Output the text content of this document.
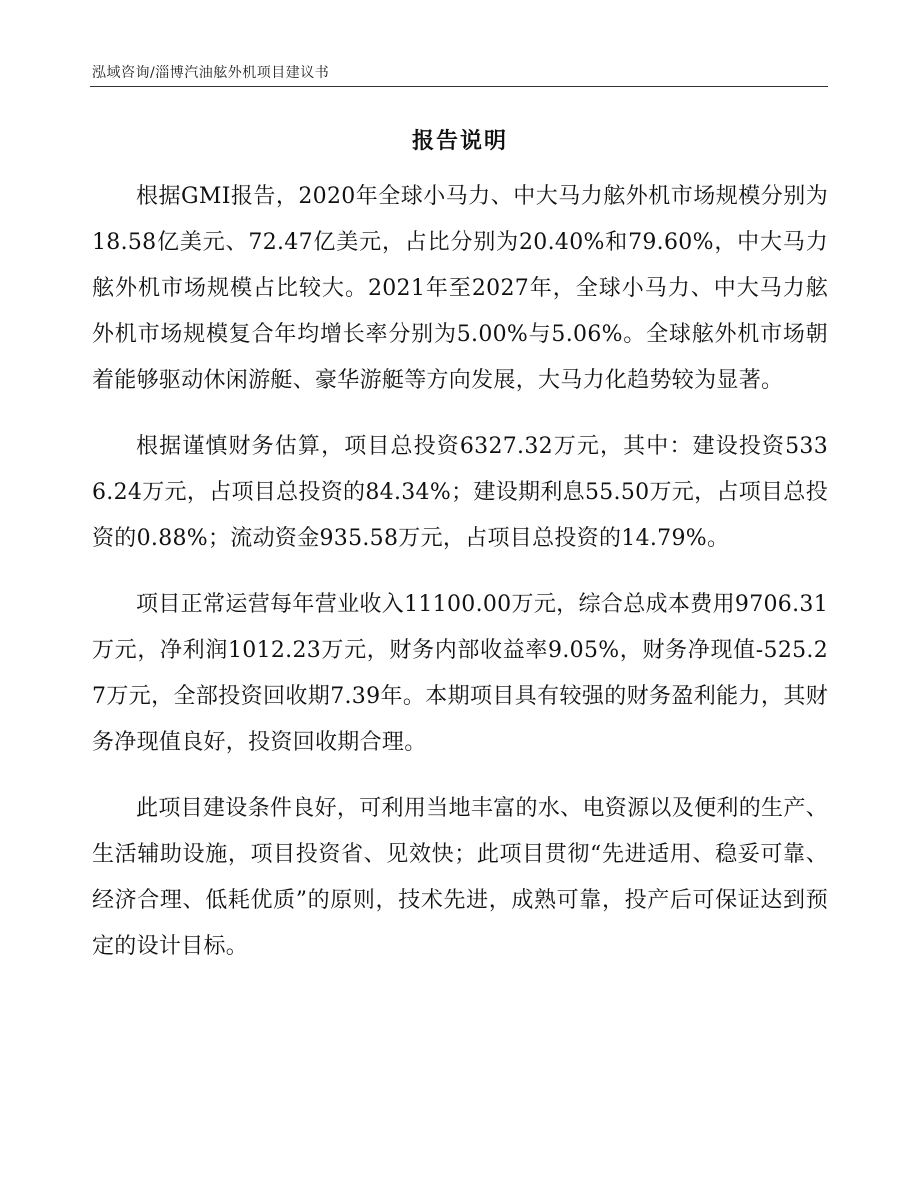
泓域咨询/淄博汽油舷外机项目建议书
报告说明

根据GMI报告，2020年全球小马力、中大马力舷外机市场规模分别为18.58亿美元、72.47亿美元，占比分别为20.40%和79.60%，中大马力舷外机市场规模占比较大。2021年至2027年，全球小马力、中大马力舷外机市场规模复合年均增长率分别为5.00%与5.06%。全球舷外机市场朝着能够驱动休闲游艇、豪华游艇等方向发展，大马力化趋势较为显著。

根据谨慎财务估算，项目总投资6327.32万元，其中：建设投资5336.24万元，占项目总投资的84.34%；建设期利息55.50万元，占项目总投资的0.88%；流动资金935.58万元，占项目总投资的14.79%。

项目正常运营每年营业收入11100.00万元，综合总成本费用9706.31万元，净利润1012.23万元，财务内部收益率9.05%，财务净现值-525.27万元，全部投资回收期7.39年。本期项目具有较强的财务盈利能力，其财务净现值良好，投资回收期合理。

此项目建设条件良好，可利用当地丰富的水、电资源以及便利的生产、生活辅助设施，项目投资省、见效快；此项目贯彻“先进适用、稳妥可靠、经济合理、低耗优质”的原则，技术先进，成熟可靠，投产后可保证达到预定的设计目标。
